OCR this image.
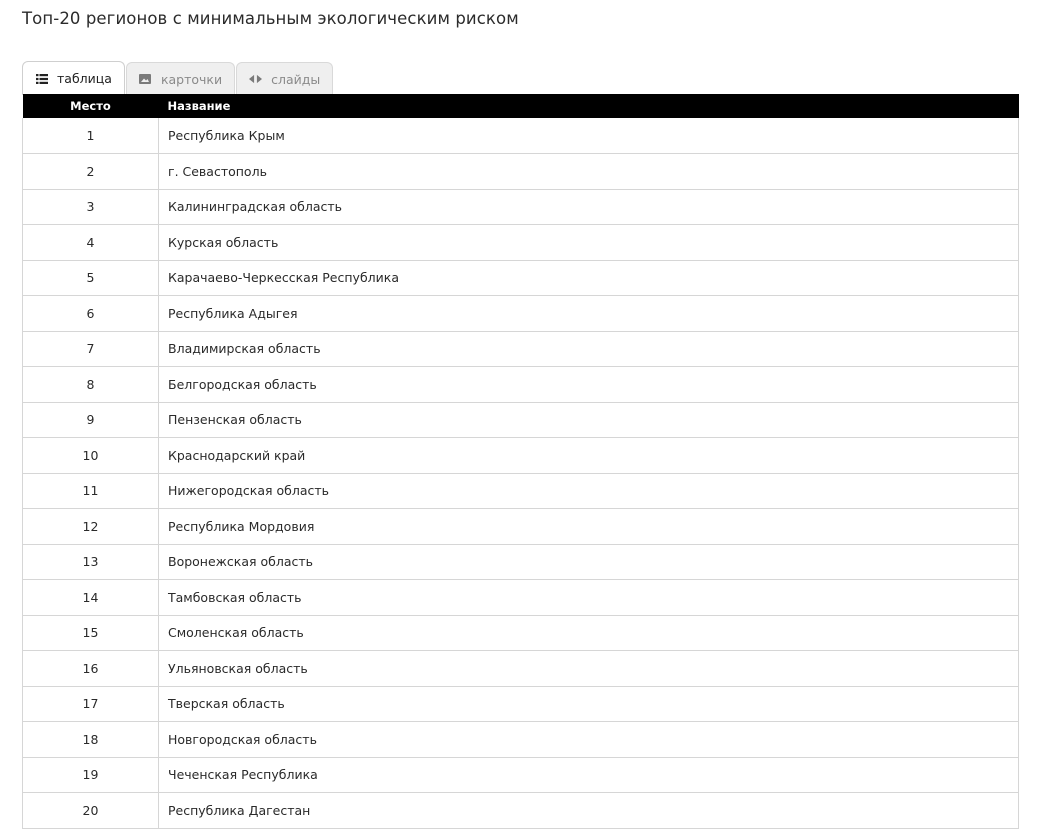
Топ-20 регионов с минимальным экологическим риском
таблица	карточки	слайды
Место	Название
1	Республика Крым
2	г. Севастополь
3	Калининградская область
4	Курская область
5	Карачаево-Черкесская Республика
6	Республика Адыгея
7	Владимирская область
8	Белгородская область
9	Пензенская область
10	Краснодарский край
11	Нижегородская область
12	Республика Мордовия
13	Воронежская область
14	Тамбовская область
15	Смоленская область
16	Ульяновская область
17	Тверская область
18	Новгородская область
19	Чеченская Республика
20	Республика Дагестан
